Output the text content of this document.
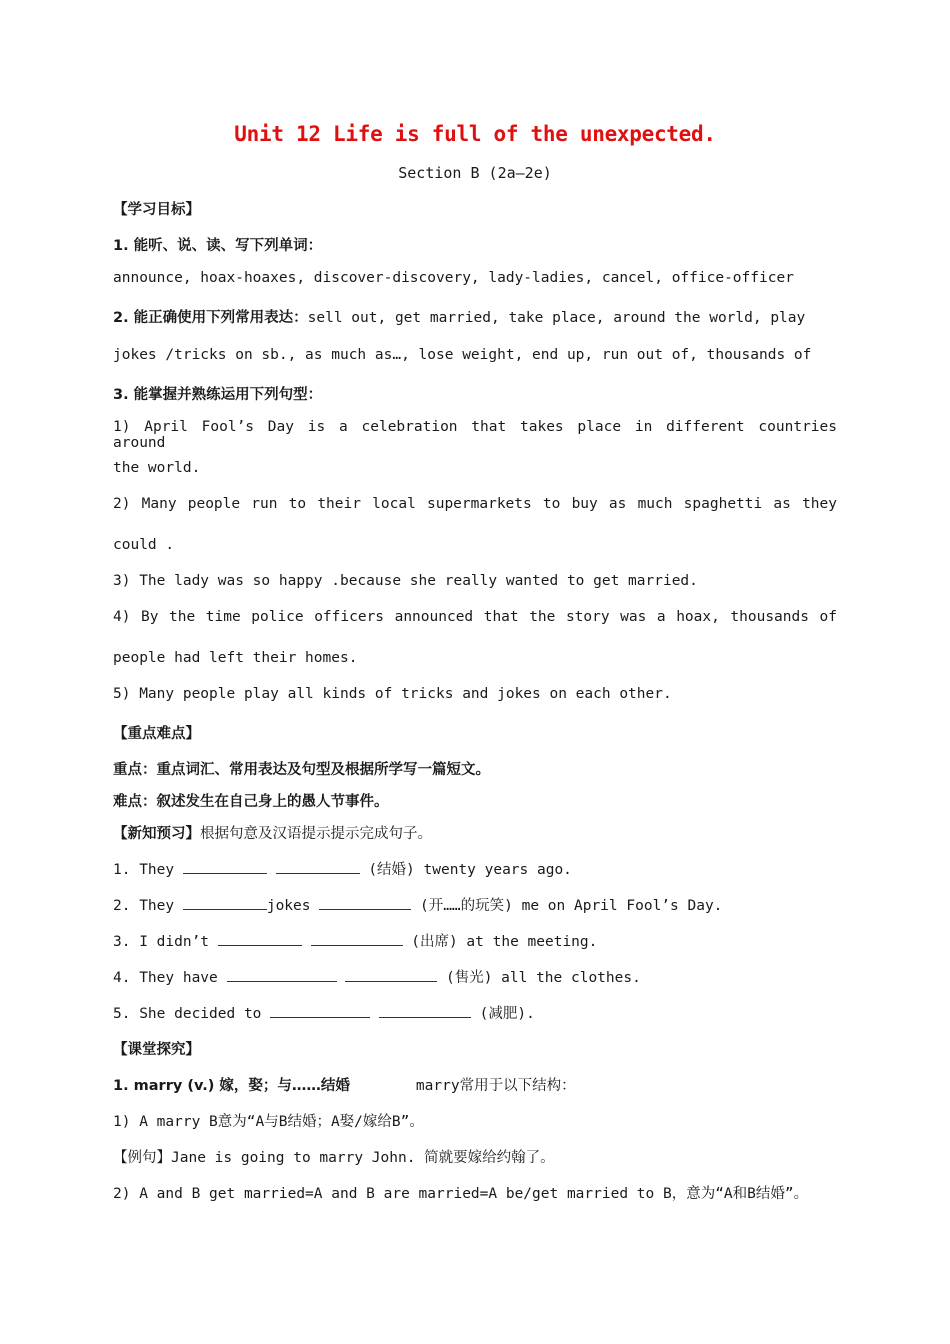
Unit 12 Life is full of the unexpected.
Section B (2a—2e)
【学习目标】
1. 能听、说、读、写下列单词：
announce, hoax-hoaxes, discover-discovery, lady-ladies, cancel, office-officer
2. 能正确使用下列常用表达：sell out, get married, take place, around the world, play
jokes /tricks on sb., as much as…, lose weight, end up, run out of, thousands of
3. 能掌握并熟练运用下列句型：
1) April Fool’s Day is a celebration that takes place in different countries around
the world.
2) Many people run to their local supermarkets to buy as much spaghetti as they
could .
3) The lady was so happy .because she really wanted to get married.
4) By the time police officers announced that the story was a hoax, thousands of
people had left their homes.
5) Many people play all kinds of tricks and jokes on each other.
【重点难点】
重点：重点词汇、常用表达及句型及根据所学写一篇短文。
难点：叙述发生在自己身上的愚人节事件。
【新知预习】根据句意及汉语提示提示完成句子。
1. They	(结婚) twenty years ago.
2. They	jokes	(开……的玩笑) me on April Fool’s Day.
3. I didn’t	(出席) at the meeting.
4. They have	(售光) all the clothes.
5. She decided to	(减肥).
【课堂探究】
1. marry (v.) 嫁，娶；与……结婚	marry常用于以下结构：
1) A marry B意为“A与B结婚；A娶/嫁给B”。
【例句】Jane is going to marry John. 简就要嫁给约翰了。
2) A and B get married=A and B are married=A be/get married to B，意为“A和B结婚”。
